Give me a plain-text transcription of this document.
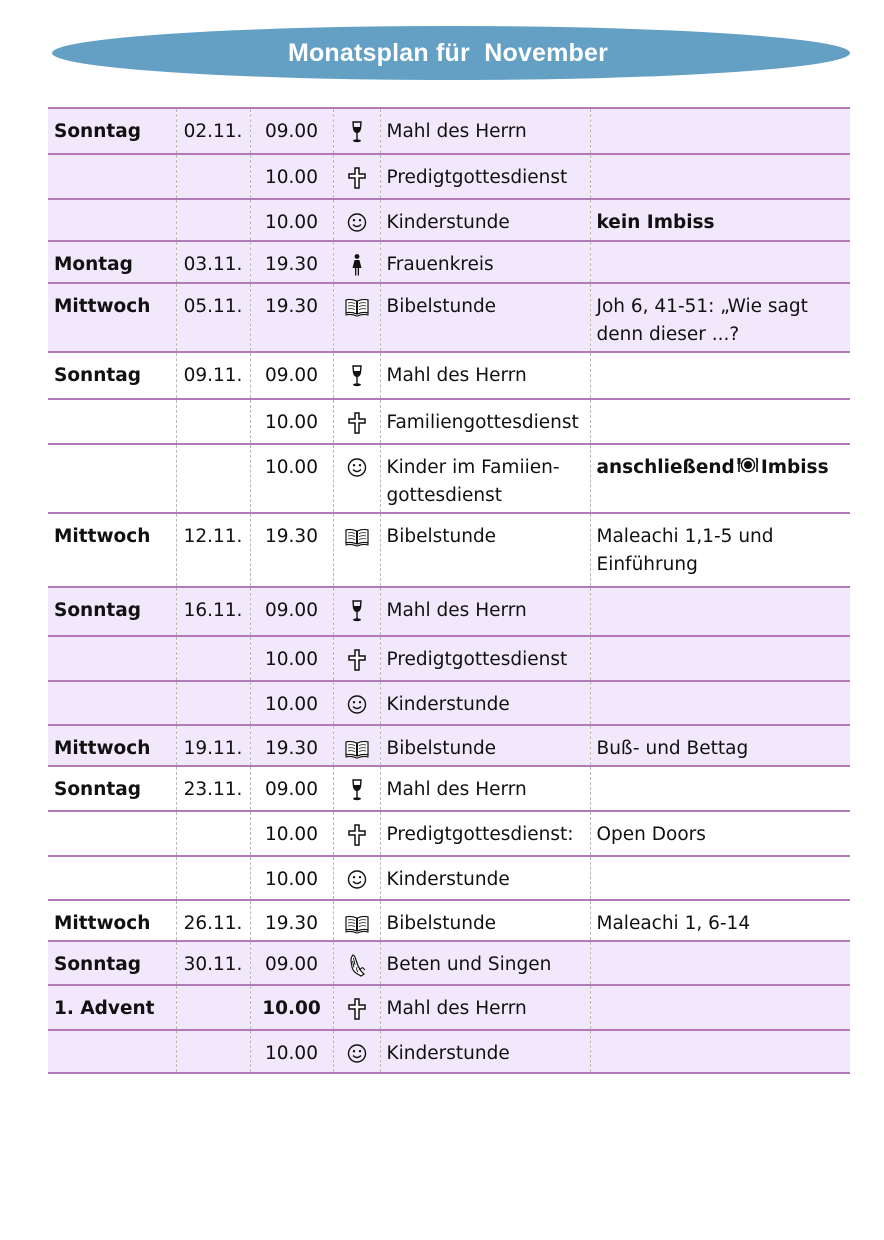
Monatsplan für  November
Sonntag	02.11.	09.00		Mahl des Herrn	
		10.00		Predigtgottesdienst	
		10.00		Kinderstunde	kein Imbiss
Montag	03.11.	19.30		Frauenkreis	
Mittwoch	05.11.	19.30		Bibelstunde	Joh 6, 41-51: „Wie sagt denn dieser ...?
Sonntag	09.11.	09.00		Mahl des Herrn	
		10.00		Familiengottesdienst	
		10.00		Kinder im Famiien-gottesdienst	anschließend Imbiss
Mittwoch	12.11.	19.30		Bibelstunde	Maleachi 1,1-5 und Einführung
Sonntag	16.11.	09.00		Mahl des Herrn	
		10.00		Predigtgottesdienst	
		10.00		Kinderstunde	
Mittwoch	19.11.	19.30		Bibelstunde	Buß- und Bettag
Sonntag	23.11.	09.00		Mahl des Herrn	
		10.00		Predigtgottesdienst:	Open Doors
		10.00		Kinderstunde	
Mittwoch	26.11.	19.30		Bibelstunde	Maleachi 1, 6-14
Sonntag	30.11.	09.00		Beten und Singen	
1. Advent		10.00		Mahl des Herrn	
		10.00		Kinderstunde	
